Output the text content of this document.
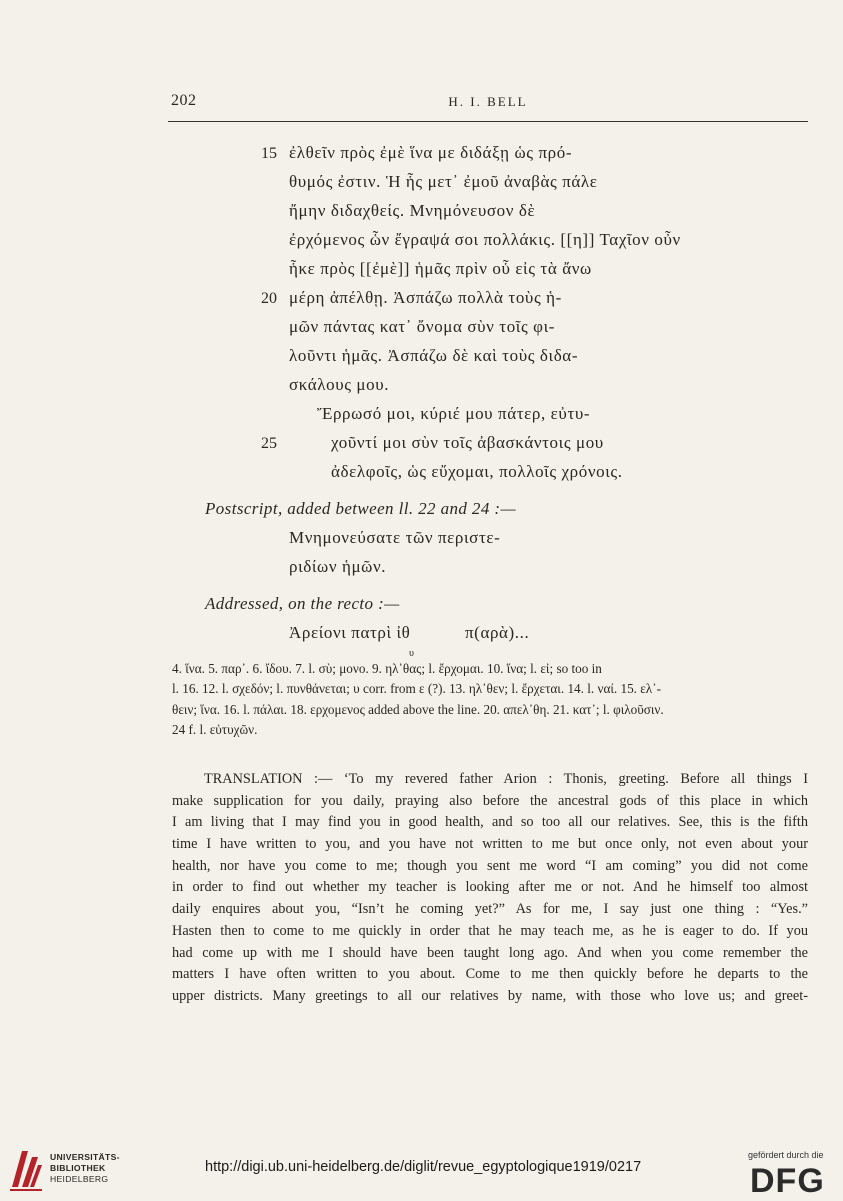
202	H. I. BELL
15 ἐλθεῖν πρὸς ἐμὲ ἵνα με διδάξῃ ὡς πρό-
θυμός ἐστιν. Ἡ ἧς μετ᾽ ἐμοῦ ἀναβὰς πάλε
ἤμην διδαχθείς. Μνημόνευσον δὲ
ἐρχόμενος ὧν ἔγραψά σοι πολλάκις. [[η]] Ταχῖον οὖν
ἧκε πρὸς [[ἐμὲ]] ἡμᾶς πρὶν οὗ εἰς τὰ ἄνω
20 μέρη ἀπέλθῃ. Ἀσπάζω πολλὰ τοὺς ἡ-
μῶν πάντας κατ᾽ ὄνομα σὺν τοῖς φι-
λοῦντι ἡμᾶς. Ἀσπάζω δὲ καὶ τοὺς διδα-
σκάλους μου.
Ἔρρωσό μοι, κύριέ μου πάτερ, εὐτυ-
25	χοῦντί μοι σὺν τοῖς ἀβασκάντοις μου
ἀδελφοῖς, ὡς εὔχομαι, πολλοῖς χρόνοις.
Postscript, added between ll. 22 and 24 :—
Μνημονεύσατε τῶν περιστε-
ριδίων ἡμῶν.
Addressed, on the recto :—
Ἀρείονι πατρὶ ἰθ	π(αρὰ)...
υ
4. ἵνα. 5. παρ᾽. 6. ἴδου. 7. l. σὺ; μονο. 9. ηλ᾽θας; l. ἔρχομαι. 10. ἵνα; l. εἰ; so too in
l. 16. 12. l. σχεδόν; l. πυνθάνεται; υ corr. from ε (?). 13. ηλ᾽θεν; l. ἔρχεται. 14. l. ναί. 15. ελ᾽-
θειν; ἵνα. 16. l. πάλαι. 18. ερχομενος added above the line. 20. απελ᾽θη. 21. κατ᾽; l. φιλοῦσιν.
24 f. l. εὐτυχῶν.
TRANSLATION :— ‘To my revered father Arion : Thonis, greeting. Before all things I
make supplication for you daily, praying also before the ancestral gods of this place in which
I am living that I may find you in good health, and so too all our relatives. See, this is the fifth
time I have written to you, and you have not written to me but once only, not even about your
health, nor have you come to me; though you sent me word “I am coming” you did not come
in order to find out whether my teacher is looking after me or not. And he himself too almost
daily enquires about you, “Isn’t he coming yet?” As for me, I say just one thing : “Yes.”
Hasten then to come to me quickly in order that he may teach me, as he is eager to do. If you
had come up with me I should have been taught long ago. And when you come remember the
matters I have often written to you about. Come to me then quickly before he departs to the
upper districts. Many greetings to all our relatives by name, with those who love us; and greet-
UNIVERSITÄTS-
BIBLIOTHEK
HEIDELBERG
http://digi.ub.uni-heidelberg.de/diglit/revue_egyptologique1919/0217
gefördert durch die
DFG
